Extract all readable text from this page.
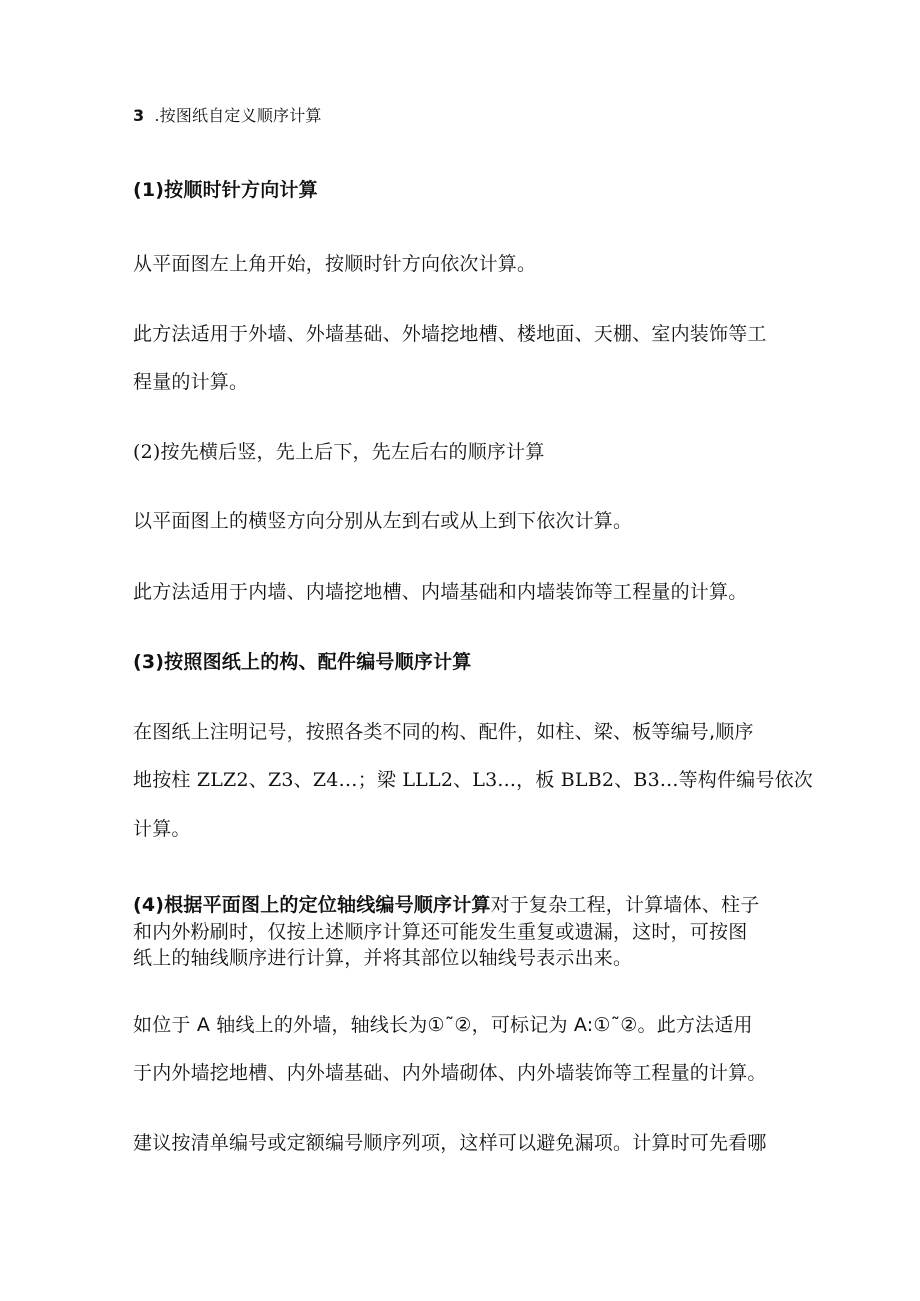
3 .按图纸自定义顺序计算
(1)按顺时针方向计算
从平面图左上角开始，按顺时针方向依次计算。
此方法适用于外墙、外墙基础、外墙挖地槽、楼地面、天棚、室内装饰等工
程量的计算。
(2)按先横后竖，先上后下，先左后右的顺序计算
以平面图上的横竖方向分别从左到右或从上到下依次计算。
此方法适用于内墙、内墙挖地槽、内墙基础和内墙装饰等工程量的计算。
(3)按照图纸上的构、配件编号顺序计算
在图纸上注明记号，按照各类不同的构、配件，如柱、梁、板等编号,顺序
地按柱 ZLZ2、Z3、Z4…；梁 LLL2、L3...，板 BLB2、B3...等构件编号依次
计算。
(4)根据平面图上的定位轴线编号顺序计算对于复杂工程，计算墙体、柱子
和内外粉刷时，仅按上述顺序计算还可能发生重复或遗漏，这时，可按图
纸上的轴线顺序进行计算，并将其部位以轴线号表示出来。
如位于 A 轴线上的外墙，轴线长为①˜②，可标记为 A:①˜②。此方法适用
于内外墙挖地槽、内外墙基础、内外墙砌体、内外墙装饰等工程量的计算。
建议按清单编号或定额编号顺序列项，这样可以避免漏项。计算时可先看哪
